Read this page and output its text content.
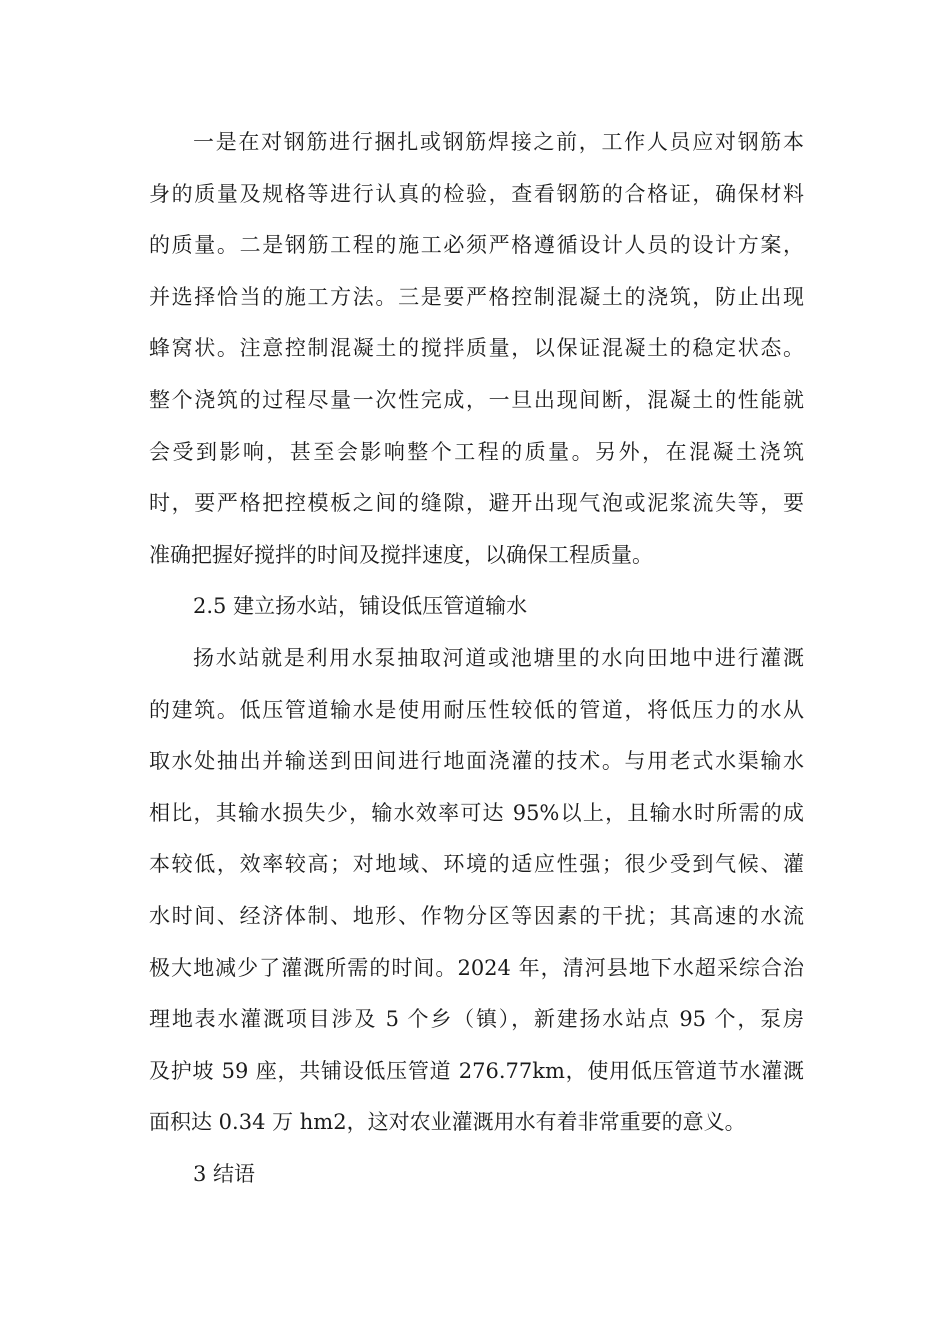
一是在对钢筋进行捆扎或钢筋焊接之前，工作人员应对钢筋本
身的质量及规格等进行认真的检验，查看钢筋的合格证，确保材料
的质量。二是钢筋工程的施工必须严格遵循设计人员的设计方案，
并选择恰当的施工方法。三是要严格控制混凝土的浇筑，防止出现
蜂窝状。注意控制混凝土的搅拌质量，以保证混凝土的稳定状态。
整个浇筑的过程尽量一次性完成，一旦出现间断，混凝土的性能就
会受到影响，甚至会影响整个工程的质量。另外，在混凝土浇筑
时，要严格把控模板之间的缝隙，避开出现气泡或泥浆流失等，要
准确把握好搅拌的时间及搅拌速度，以确保工程质量。
2.5 建立扬水站，铺设低压管道输水
扬水站就是利用水泵抽取河道或池塘里的水向田地中进行灌溉
的建筑。低压管道输水是使用耐压性较低的管道，将低压力的水从
取水处抽出并输送到田间进行地面浇灌的技术。与用老式水渠输水
相比，其输水损失少，输水效率可达 95%以上，且输水时所需的成
本较低，效率较高；对地域、环境的适应性强；很少受到气候、灌
水时间、经济体制、地形、作物分区等因素的干扰；其高速的水流
极大地减少了灌溉所需的时间。2024 年，清河县地下水超采综合治
理地表水灌溉项目涉及 5 个乡（镇），新建扬水站点 95 个，泵房
及护坡 59 座，共铺设低压管道 276.77km，使用低压管道节水灌溉
面积达 0.34 万 hm2，这对农业灌溉用水有着非常重要的意义。
3 结语
